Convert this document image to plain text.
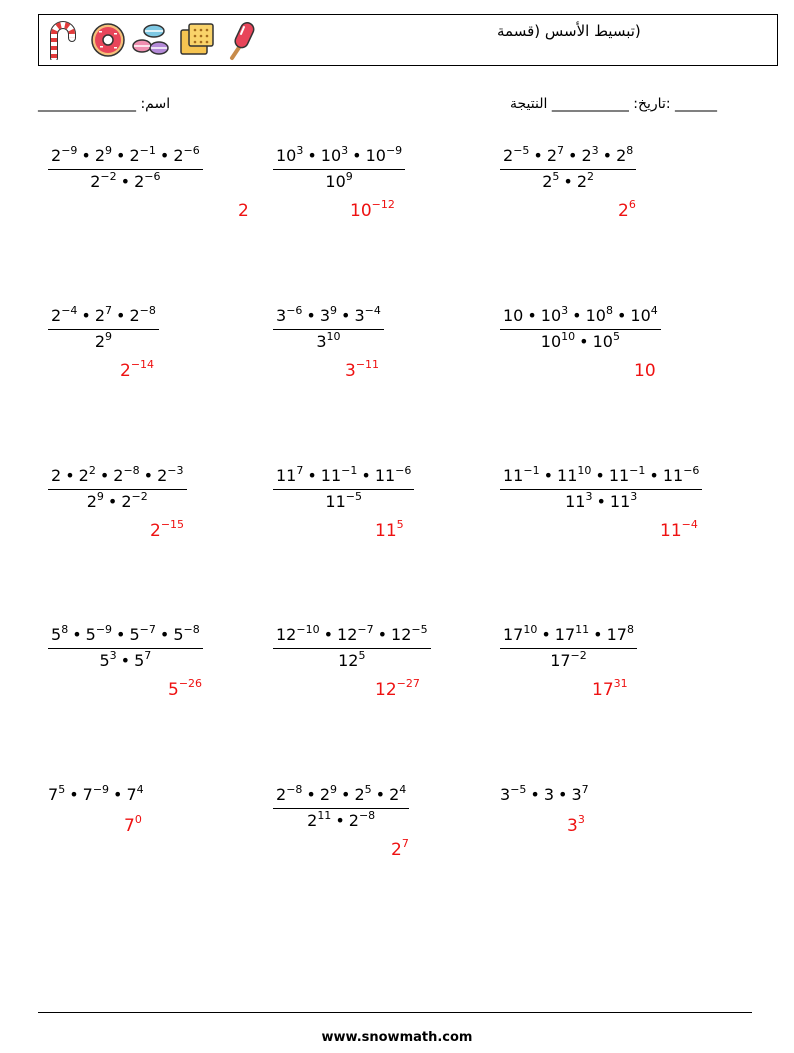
(تبسيط الأسس (قسمة
اسم: ______________	______ :تاريخ: ___________ النتيجة
$\frac{2^{-9} • 2^9 • 2^{-1} • 2^{-6}}{2^{-2} • 2^{-6}}$
2
$\frac{10^3 • 10^3 • 10^{-9}}{10^9}$
$10^{-12}$
$\frac{2^{-5} • 2^7 • 2^3 • 2^8}{2^5 • 2^2}$
$2^6$
$\frac{2^{-4} • 2^7 • 2^{-8}}{2^9}$
$2^{-14}$
$\frac{3^{-6} • 3^9 • 3^{-4}}{3^{10}}$
$3^{-11}$
$\frac{10 • 10^3 • 10^8 • 10^4}{10^{10} • 10^5}$
10
$\frac{2 • 2^2 • 2^{-8} • 2^{-3}}{2^9 • 2^{-2}}$
$2^{-15}$
$\frac{11^7 • 11^{-1} • 11^{-6}}{11^{-5}}$
$11^5$
$\frac{11^{-1} • 11^{10} • 11^{-1} • 11^{-6}}{11^3 • 11^3}$
$11^{-4}$
$\frac{5^8 • 5^{-9} • 5^{-7} • 5^{-8}}{5^3 • 5^7}$
$5^{-26}$
$\frac{12^{-10} • 12^{-7} • 12^{-5}}{12^5}$
$12^{-27}$
$\frac{17^{10} • 17^{11} • 17^8}{17^{-2}}$
$17^{31}$
$7^5$ • $7^{-9}$ • $7^4$
$7^0$	$\frac{2^{-8} • 2^9 • 2^5 • 2^4}{2^{11} • 2^{-8}}$
$2^7$
$3^{-5}$ • 3 • $3^7$
$3^3$
www.snowmath.com
